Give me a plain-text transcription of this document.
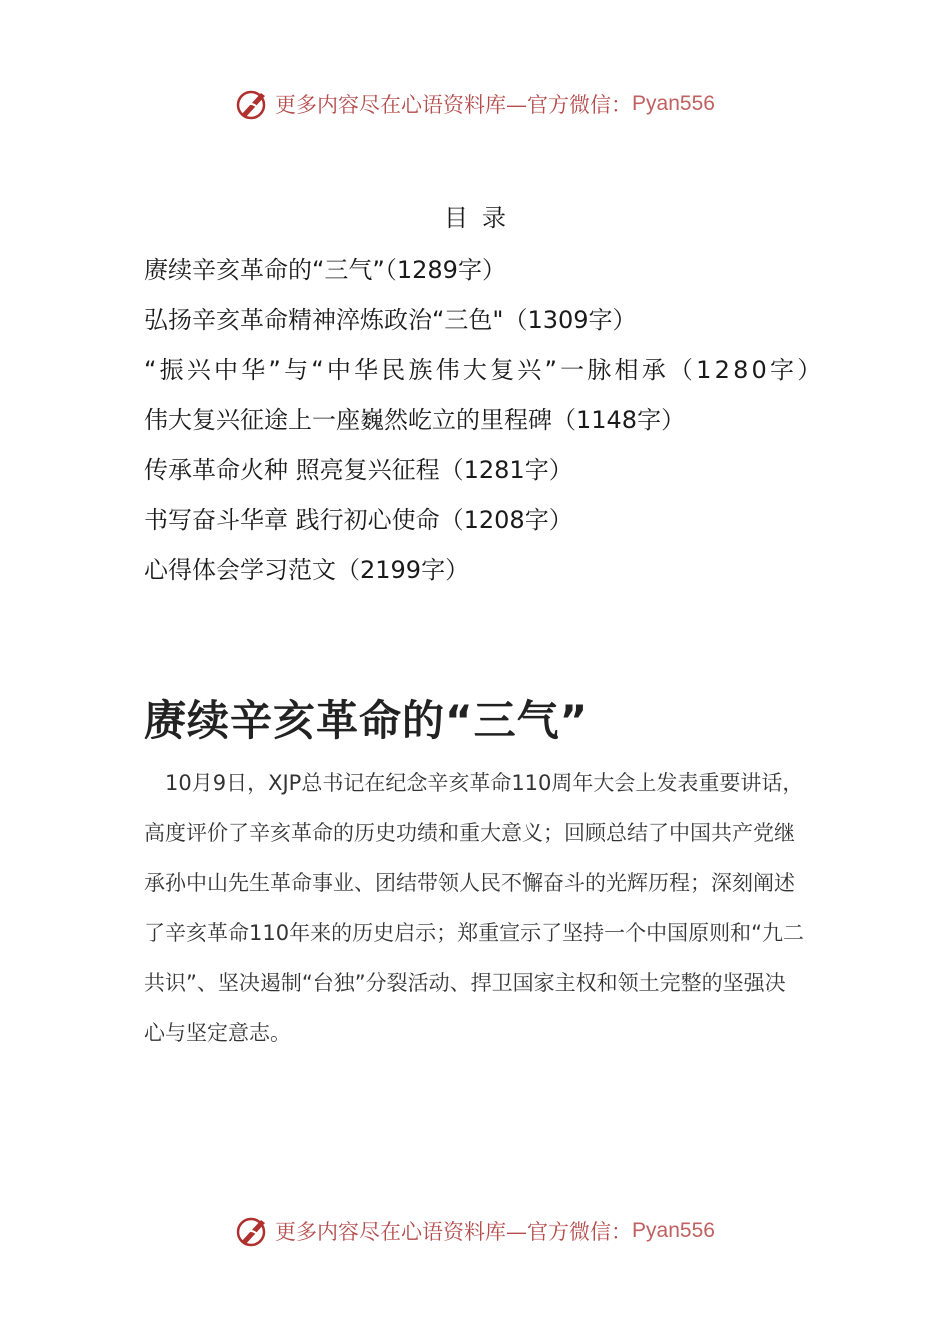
更多内容尽在心语资料库—官方微信： Pyan556
目录
赓续辛亥革命的“三气”（1289字）
弘扬辛亥革命精神淬炼政治“三色"（1309字）
“振兴中华”与“中华民族伟大复兴”一脉相承（1280字）
伟大复兴征途上一座巍然屹立的里程碑（1148字）
传承革命火种 照亮复兴征程（1281字）
书写奋斗华章 践行初心使命（1208字）
心得体会学习范文（2199字）
赓续辛亥革命的“三气”

10月9日，XJP总书记在纪念辛亥革命110周年大会上发表重要讲话，高度评价了辛亥革命的历史功绩和重大意义；回顾总结了中国共产党继承孙中山先生革命事业、团结带领人民不懈奋斗的光辉历程；深刻阐述了辛亥革命110年来的历史启示；郑重宣示了坚持一个中国原则和“九二共识”、坚决遏制“台独”分裂活动、捍卫国家主权和领土完整的坚强决心与坚定意志。

更多内容尽在心语资料库—官方微信： Pyan556
